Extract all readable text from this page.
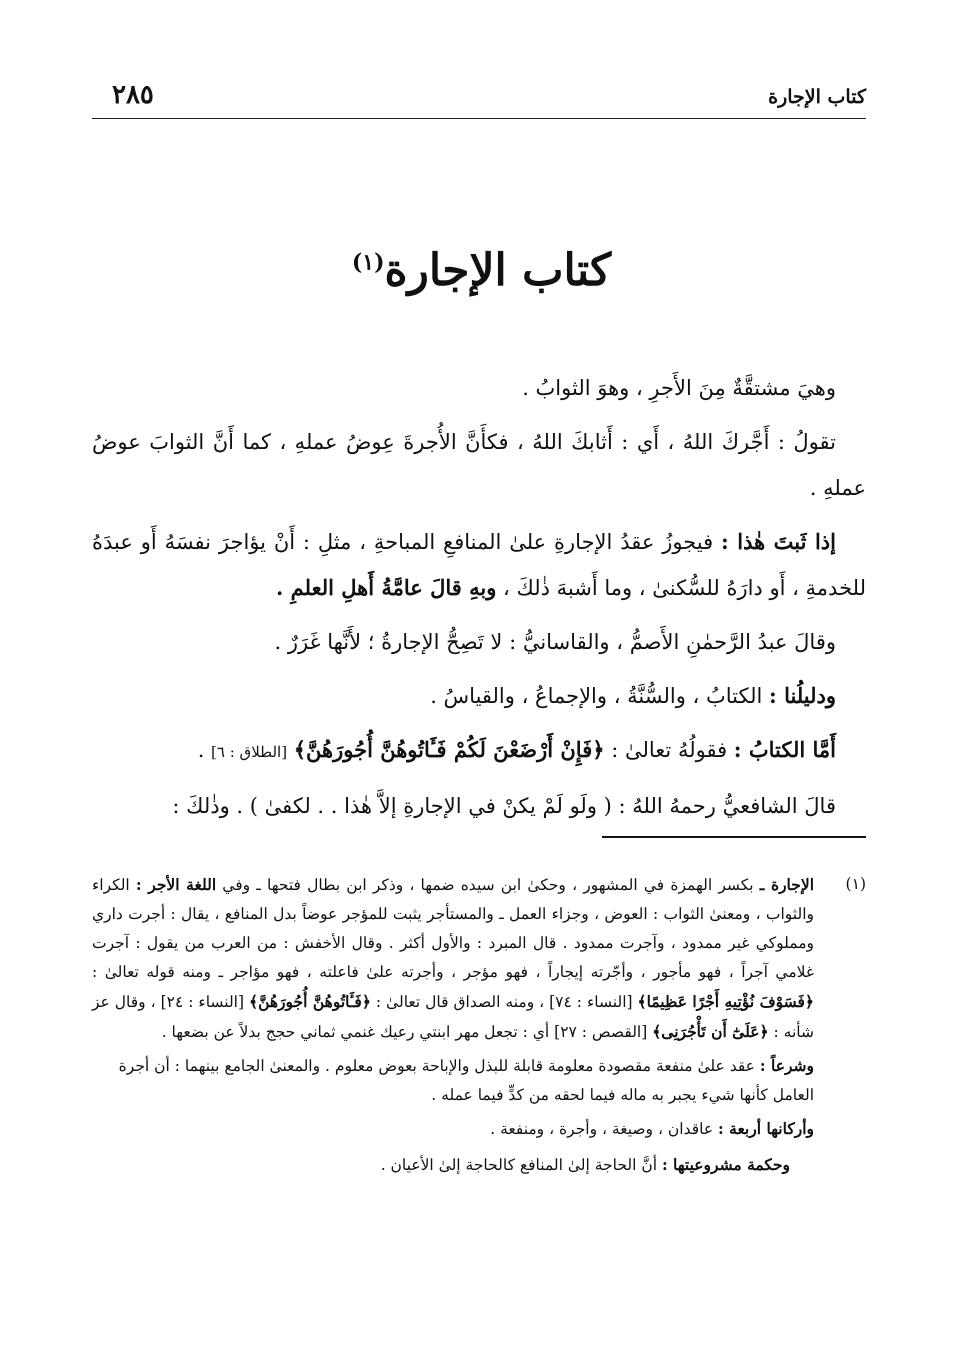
كتاب الإجارة
٢٨٥
كتاب الإجارة$^{(١)}$

وهيَ مشتقَّةٌ مِنَ الأَجرِ ، وهوَ الثوابُ .

تقولُ : أَجَّركَ اللهُ ، أَي : أَثابكَ اللهُ ، فكأَنَّ الأُجرةَ عِوضُ عملهِ ، كما أَنَّ الثوابَ عوضُ عملهِ .

إذا ثَبتَ هٰذا : فيجوزُ عقدُ الإجارةِ علىٰ المنافعِ المباحةِ ، مثلِ : أَنْ يؤاجرَ نفسَهُ أَو عبدَهُ للخدمةِ ، أَو دارَهُ للسُّكنىٰ ، وما أَشبهَ ذٰلكَ ، وبهِ قالَ عامَّةُ أَهلِ العلمِ .

وقالَ عبدُ الرَّحمٰنِ الأَصمُّ ، والقاسانيُّ : لا تَصِحُّ الإجارةُ ؛ لأَنَّها غَرَرٌ .

ودليلُنا : الكتابُ ، والسُّنَّةُ ، والإجماعُ ، والقياسُ .

أَمَّا الكتابُ : فقولُهُ تعالىٰ : ﴿فَإِنْ أَرْضَعْنَ لَكُمْ فَـَٔاتُوهُنَّ أُجُورَهُنَّ﴾ [الطلاق : ٦] .

قالَ الشافعيُّ رحمهُ اللهُ : ( ولَو لَمْ يكنْ في الإجارةِ إلاَّ هٰذا . . لكفىٰ ) . وذٰلكَ :

(١)
الإجارة ـ بكسر الهمزة في المشهور ، وحكىٰ ابن سيده ضمها ، وذكر ابن بطال فتحها ـ وفي اللغة الأجر : الكراء والثواب ، ومعنىٰ الثواب : العوض ، وجزاء العمل ـ والمستأجر يثبت للمؤجر عوضاً بدل المنافع ، يقال : أجرت داري ومملوكي غير ممدود ، وآجرت ممدود . قال المبرد : والأول أكثر . وقال الأخفش : من العرب من يقول : آجرت غلامي آجراً ، فهو مأجور ، وأجّرته إيجاراً ، فهو مؤجر ، وأجرته علىٰ فاعلته ، فهو مؤاجر ـ ومنه قوله تعالىٰ : ﴿فَسَوْفَ نُؤْتِيهِ أَجْرًا عَظِيمًا﴾ [النساء : ٧٤] ، ومنه الصداق قال تعالىٰ : ﴿فَـَٔاتُوهُنَّ أُجُورَهُنَّ﴾ [النساء : ٢٤] ، وقال عز شأنه : ﴿عَلَىٰٓ أَن تَأْجُرَنِى﴾ [القصص : ٢٧] أي : تجعل مهر ابنتي رعيك غنمي ثماني حجج بدلاً عن بضعها .
وشرعاً : عقد علىٰ منفعة مقصودة معلومة قابلة للبذل والإباحة بعوض معلوم . والمعنىٰ الجامع بينهما : أن أجرة العامل كأنها شيء يجبر به ماله فيما لحقه من كدٍّ فيما عمله .
وأركانها أربعة : عاقدان ، وصيغة ، وأجرة ، ومنفعة .
وحكمة مشروعيتها : أنَّ الحاجة إلىٰ المنافع كالحاجة إلىٰ الأعيان .
